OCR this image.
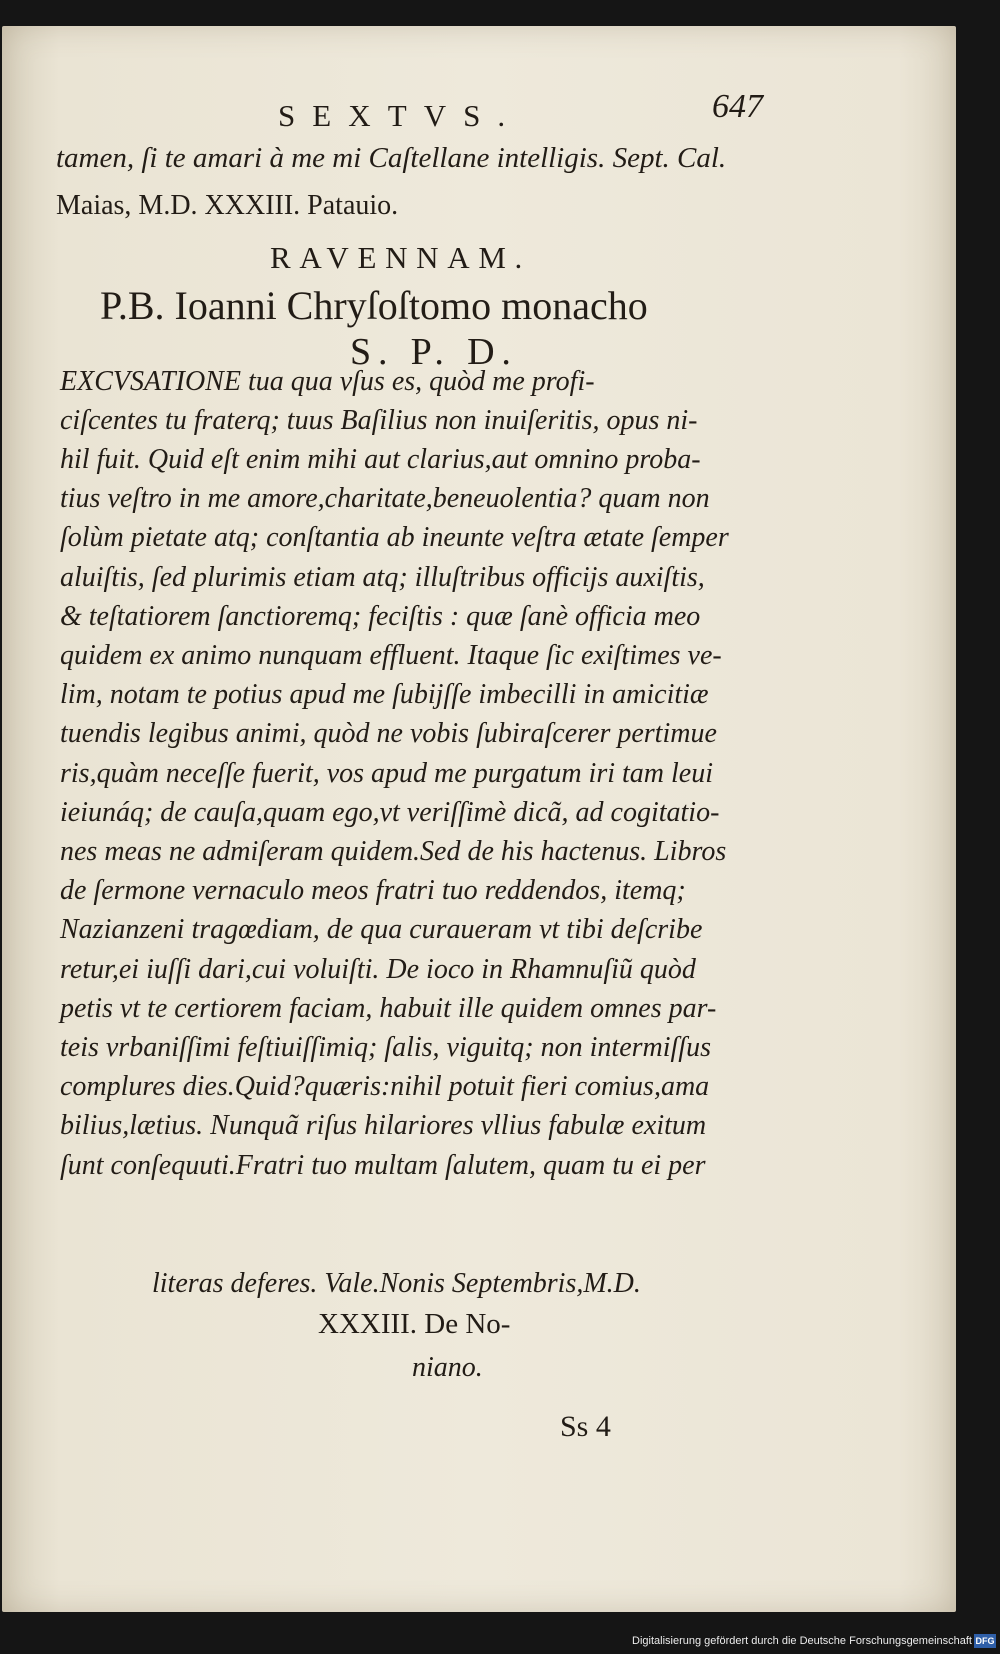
SEXTVS.	647
tamen, ſi te amari à me mi Caſtellane intelligis. Sept. Cal.
Maias, M.D. XXXIII. Patauio.
RAVENNAM.
P.B. Ioanni Chryſoſtomo monacho
S. P. D.
EXCVSATIONE tua qua vſus es, quòd me profi-
ciſcentes tu fraterq; tuus Baſilius non inuiſeritis, opus ni-
hil fuit. Quid eſt enim mihi aut clarius,aut omnino proba-
tius veſtro in me amore,charitate,beneuolentia? quam non
ſolùm pietate atq; conſtantia ab ineunte veſtra ætate ſemper
aluiſtis, ſed plurimis etiam atq; illuſtribus officijs auxiſtis,
& teſtatiorem ſanctioremq; feciſtis : quæ ſanè officia meo
quidem ex animo nunquam effluent. Itaque ſic exiſtimes ve-
lim, notam te potius apud me ſubijſſe imbecilli in amicitiæ
tuendis legibus animi, quòd ne vobis ſubiraſcerer pertimue
ris,quàm neceſſe fuerit, vos apud me purgatum iri tam leui
ieiunáq; de cauſa,quam ego,vt veriſſimè dicã, ad cogitatio-
nes meas ne admiſeram quidem.Sed de his hactenus. Libros
de ſermone vernaculo meos fratri tuo reddendos, itemq;
Nazianzeni tragœdiam, de qua curaueram vt tibi deſcribe
retur,ei iuſſi dari,cui voluiſti. De ioco in Rhamnuſiũ quòd
petis vt te certiorem faciam, habuit ille quidem omnes par-
teis vrbaniſſimi feſtiuiſſimiq; ſalis, viguitq; non intermiſſus
complures dies.Quid?quæris:nihil potuit fieri comius,ama
bilius,lætius. Nunquã riſus hilariores vllius fabulæ exitum
ſunt conſequuti.Fratri tuo multam ſalutem, quam tu ei per
literas deferes. Vale.Nonis Septembris,M.D.
XXXIII. De No-
niano.
Ss 4
Digitalisierung gefördert durch die Deutsche Forschungsgemeinschaft DFG
